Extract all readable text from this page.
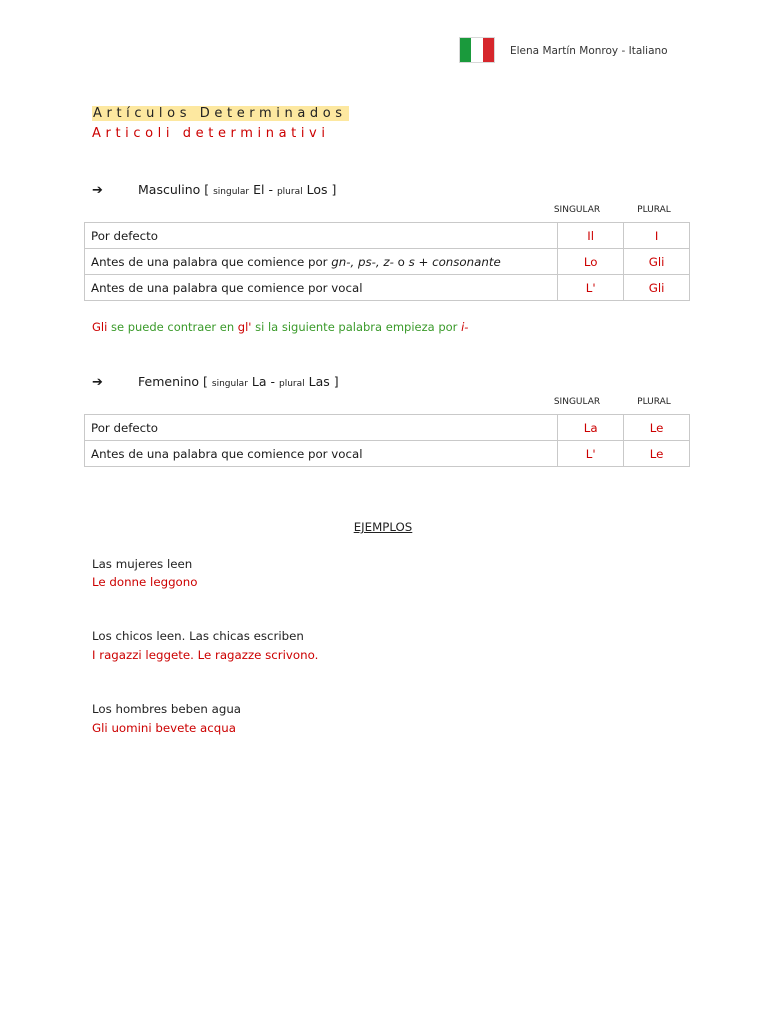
Elena Martín Monroy - Italiano
Artículos Determinados
Articoli determinativi
➔	Masculino [ singular El - plural Los ]
SINGULAR	PLURAL
Por defecto	Il	I
Antes de una palabra que comience por gn-, ps-, z- o s + consonante	Lo	Gli
Antes de una palabra que comience por vocal	L'	Gli
Gli se puede contraer en gl' si la siguiente palabra empieza por i-
➔	Femenino [ singular La - plural Las ]
SINGULAR	PLURAL
Por defecto	La	Le
Antes de una palabra que comience por vocal	L'	Le
EJEMPLOS
Las mujeres leen
Le donne leggono
Los chicos leen. Las chicas escriben
I ragazzi leggete. Le ragazze scrivono.
Los hombres beben agua
Gli uomini bevete acqua
